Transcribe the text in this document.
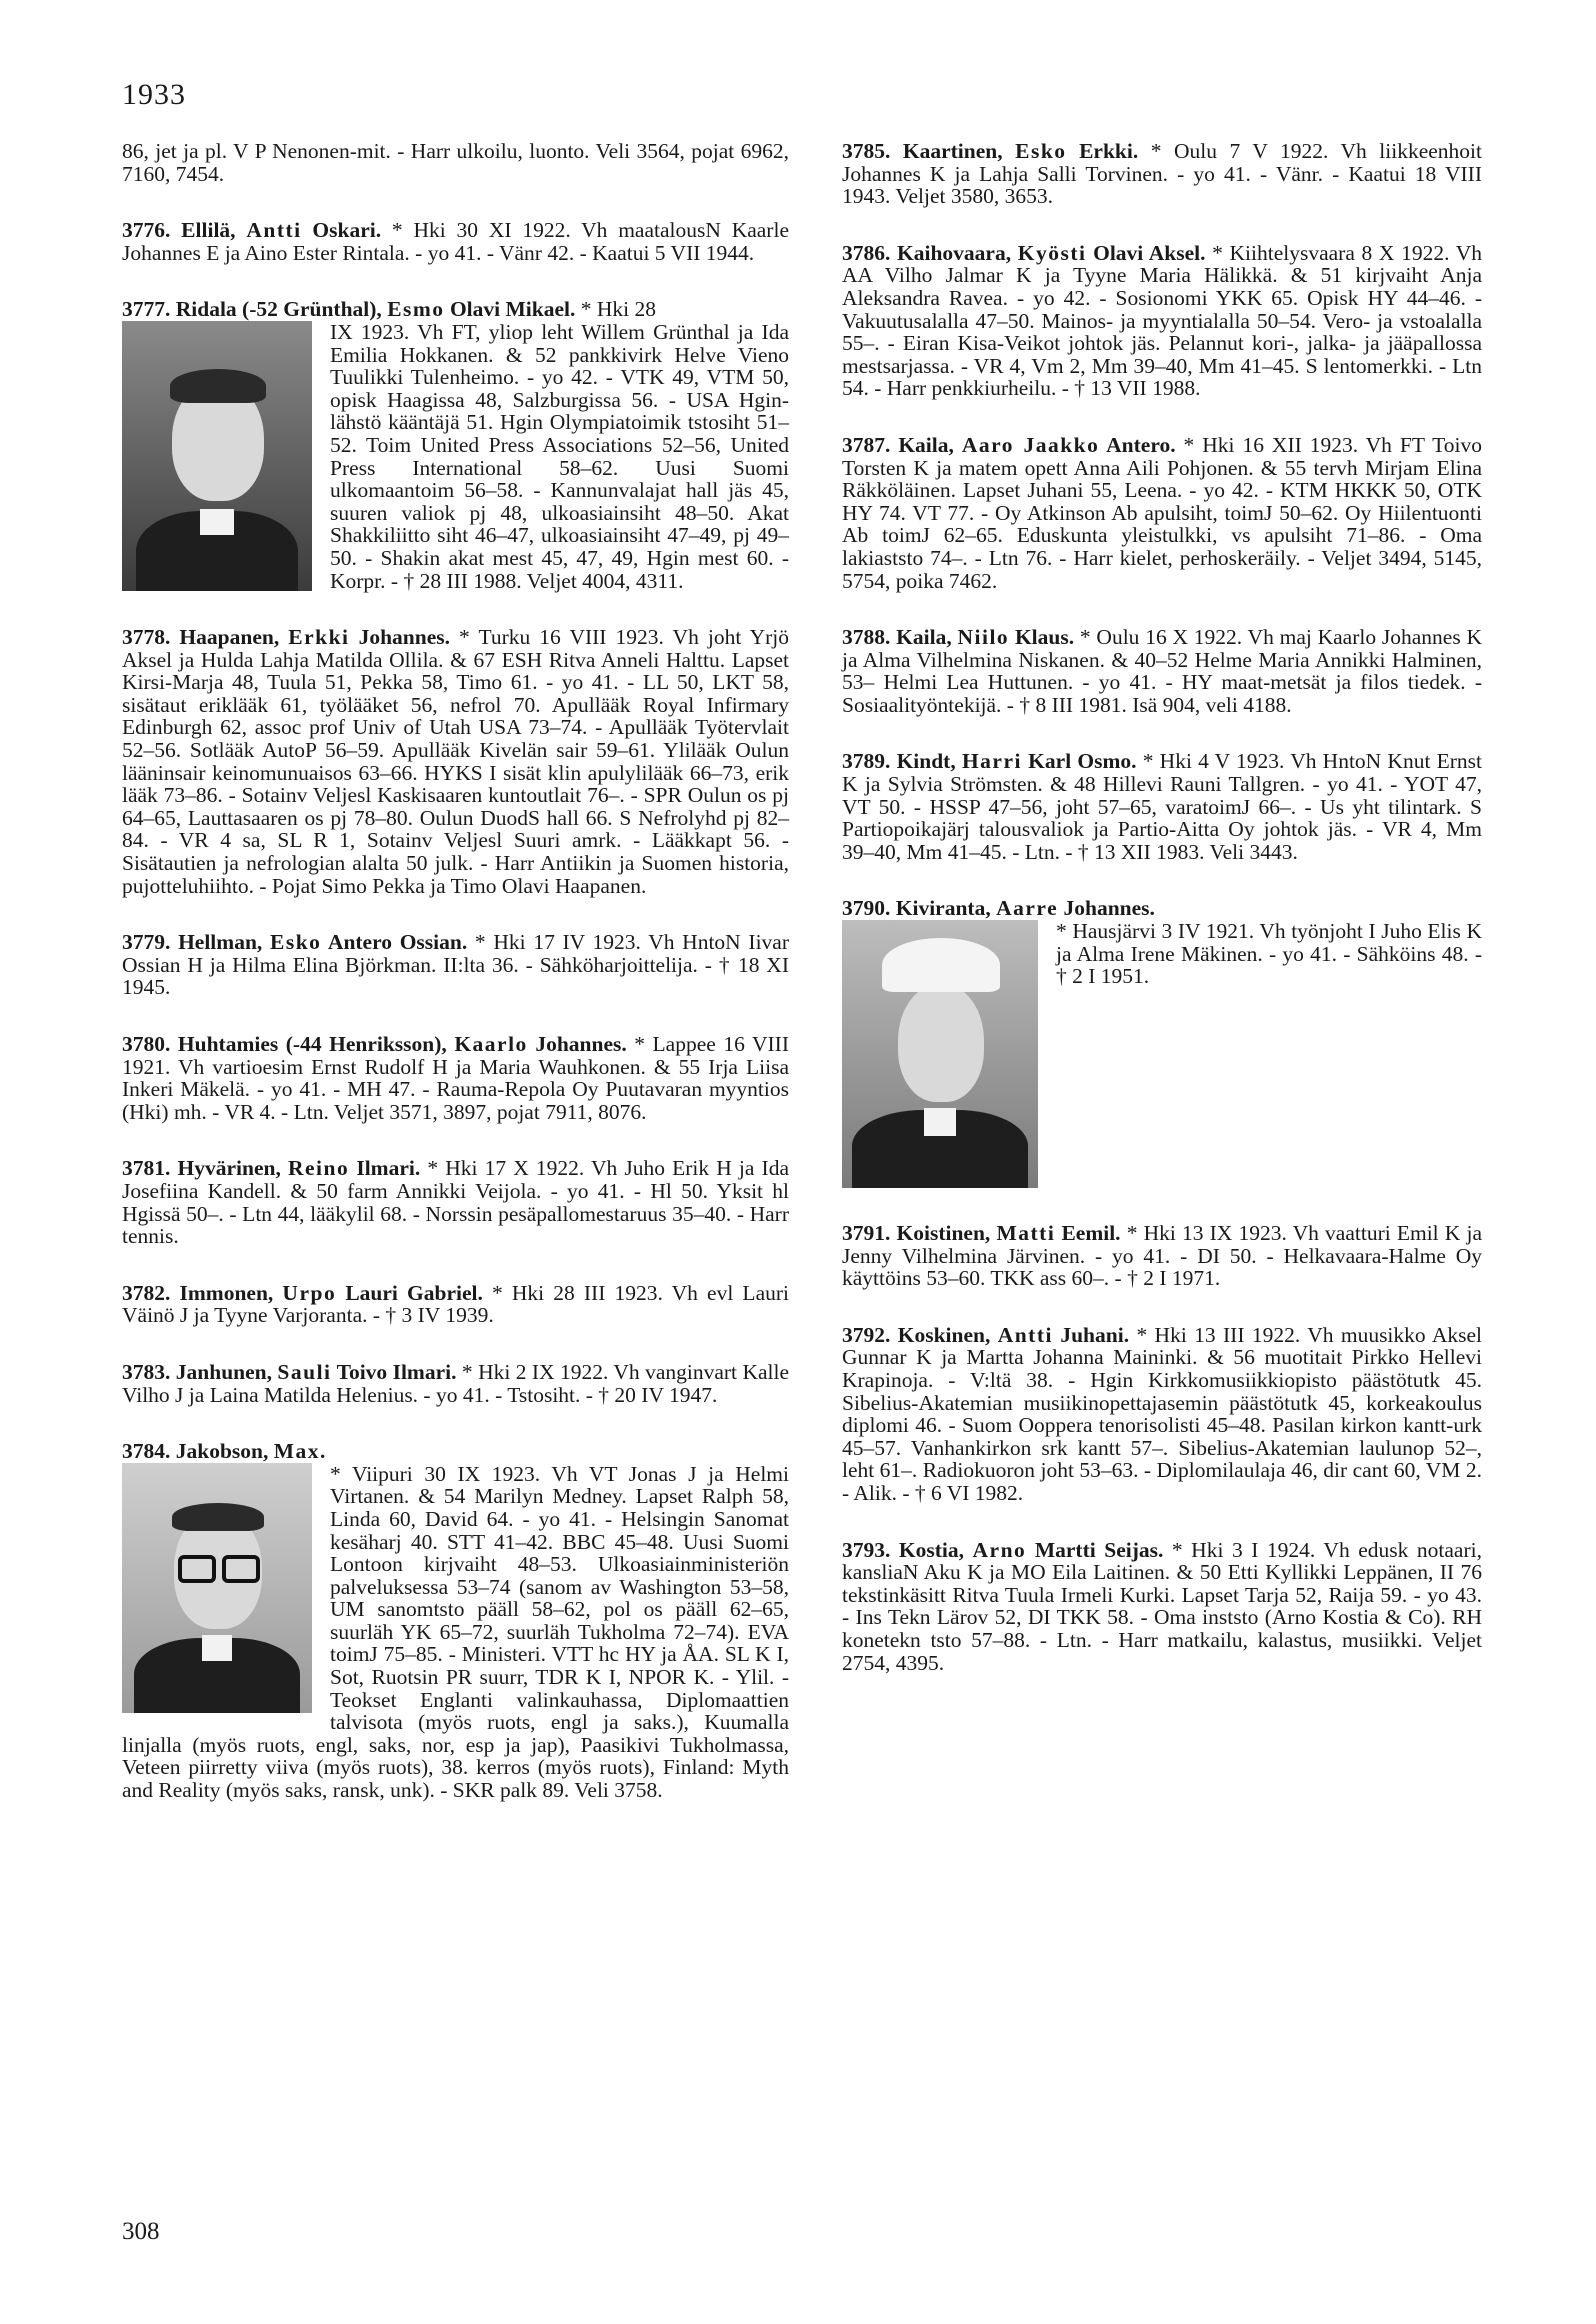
1933

86, jet ja pl. V P Nenonen-mit. - Harr ulkoilu, luonto. Veli 3564, pojat 6962, 7160, 7454.

3776. Ellilä, Antti Oskari. * Hki 30 XI 1922. Vh maatalousN Kaarle Johannes E ja Aino Ester Rintala. - yo 41. - Vänr 42. - Kaatui 5 VII 1944.

3777. Ridala (-52 Grünthal), Esmo Olavi Mikael. * Hki 28

IX 1923. Vh FT, yliop leht Willem Grünthal ja Ida Emilia Hokkanen. & 52 pankkivirk Helve Vieno Tuulikki Tulenheimo. - yo 42. - VTK 49, VTM 50, opisk Haagissa 48, Salzburgissa 56. - USA Hgin-lähstö kääntäjä 51. Hgin Olympiatoimik tstosiht 51–52. Toim United Press Associations 52–56, United Press International 58–62. Uusi Suomi ulkomaantoim 56–58. - Kannunvalajat hall jäs 45, suuren valiok pj 48, ulkoasiainsiht 48–50. Akat Shakkiliitto siht 46–47, ulkoasiainsiht 47–49, pj 49–50. - Shakin akat mest 45, 47, 49, Hgin mest 60. - Korpr. - † 28 III 1988. Veljet 4004, 4311.

3778. Haapanen, Erkki Johannes. * Turku 16 VIII 1923. Vh joht Yrjö Aksel ja Hulda Lahja Matilda Ollila. & 67 ESH Ritva Anneli Halttu. Lapset Kirsi-Marja 48, Tuula 51, Pekka 58, Timo 61. - yo 41. - LL 50, LKT 58, sisätaut eriklääk 61, työlääket 56, nefrol 70. Apullääk Royal Infirmary Edinburgh 62, assoc prof Univ of Utah USA 73–74. - Apullääk Työtervlait 52–56. Sotlääk AutoP 56–59. Apullääk Kivelän sair 59–61. Ylilääk Oulun lääninsair keinomunuaisos 63–66. HYKS I sisät klin apulylilääk 66–73, erik lääk 73–86. - Sotainv Veljesl Kaskisaaren kuntoutlait 76–. - SPR Oulun os pj 64–65, Lauttasaaren os pj 78–80. Oulun DuodS hall 66. S Nefrolyhd pj 82–84. - VR 4 sa, SL R 1, Sotainv Veljesl Suuri amrk. - Lääkkapt 56. - Sisätautien ja nefrologian alalta 50 julk. - Harr Antiikin ja Suomen historia, pujotteluhiihto. - Pojat Simo Pekka ja Timo Olavi Haapanen.

3779. Hellman, Esko Antero Ossian. * Hki 17 IV 1923. Vh HntoN Iivar Ossian H ja Hilma Elina Björkman. II:lta 36. - Sähköharjoittelija. - † 18 XI 1945.

3780. Huhtamies (-44 Henriksson), Kaarlo Johannes. * Lappee 16 VIII 1921. Vh vartioesim Ernst Rudolf H ja Maria Wauhkonen. & 55 Irja Liisa Inkeri Mäkelä. - yo 41. - MH 47. - Rauma-Repola Oy Puutavaran myyntios (Hki) mh. - VR 4. - Ltn. Veljet 3571, 3897, pojat 7911, 8076.

3781. Hyvärinen, Reino Ilmari. * Hki 17 X 1922. Vh Juho Erik H ja Ida Josefiina Kandell. & 50 farm Annikki Veijola. - yo 41. - Hl 50. Yksit hl Hgissä 50–. - Ltn 44, lääkylil 68. - Norssin pesäpallomestaruus 35–40. - Harr tennis.

3782. Immonen, Urpo Lauri Gabriel. * Hki 28 III 1923. Vh evl Lauri Väinö J ja Tyyne Varjoranta. - † 3 IV 1939.

3783. Janhunen, Sauli Toivo Ilmari. * Hki 2 IX 1922. Vh vanginvart Kalle Vilho J ja Laina Matilda Helenius. - yo 41. - Tstosiht. - † 20 IV 1947.

3784. Jakobson, Max.

* Viipuri 30 IX 1923. Vh VT Jonas J ja Helmi Virtanen. & 54 Marilyn Medney. Lapset Ralph 58, Linda 60, David 64. - yo 41. - Helsingin Sanomat kesäharj 40. STT 41–42. BBC 45–48. Uusi Suomi Lontoon kirjvaiht 48–53. Ulkoasiainministeriön palveluksessa 53–74 (sanom av Washington 53–58, UM sanomtsto pääll 58–62, pol os pääll 62–65, suurläh YK 65–72, suurläh Tukholma 72–74). EVA toimJ 75–85. - Ministeri. VTT hc HY ja ÅA. SL K I, Sot, Ruotsin PR suurr, TDR K I, NPOR K. - Ylil. - Teokset Englanti valinkauhassa, Diplomaattien talvisota (myös ruots, engl ja saks.), Kuumalla linjalla (myös ruots, engl, saks, nor, esp ja jap), Paasikivi Tukholmassa, Veteen piirretty viiva (myös ruots), 38. kerros (myös ruots), Finland: Myth and Reality (myös saks, ransk, unk). - SKR palk 89. Veli 3758.

3785. Kaartinen, Esko Erkki. * Oulu 7 V 1922. Vh liikkeenhoit Johannes K ja Lahja Salli Torvinen. - yo 41. - Vänr. - Kaatui 18 VIII 1943. Veljet 3580, 3653.

3786. Kaihovaara, Kyösti Olavi Aksel. * Kiihtelysvaara 8 X 1922. Vh AA Vilho Jalmar K ja Tyyne Maria Hälikkä. & 51 kirjvaiht Anja Aleksandra Ravea. - yo 42. - Sosionomi YKK 65. Opisk HY 44–46. - Vakuutusalalla 47–50. Mainos- ja myyntialalla 50–54. Vero- ja vstoalalla 55–. - Eiran Kisa-Veikot johtok jäs. Pelannut kori-, jalka- ja jääpallossa mestsarjassa. - VR 4, Vm 2, Mm 39–40, Mm 41–45. S lentomerkki. - Ltn 54. - Harr penkkiurheilu. - † 13 VII 1988.

3787. Kaila, Aaro Jaakko Antero. * Hki 16 XII 1923. Vh FT Toivo Torsten K ja matem opett Anna Aili Pohjonen. & 55 tervh Mirjam Elina Räkköläinen. Lapset Juhani 55, Leena. - yo 42. - KTM HKKK 50, OTK HY 74. VT 77. - Oy Atkinson Ab apulsiht, toimJ 50–62. Oy Hiilentuonti Ab toimJ 62–65. Eduskunta yleistulkki, vs apulsiht 71–86. - Oma lakiaststo 74–. - Ltn 76. - Harr kielet, perhoskeräily. - Veljet 3494, 5145, 5754, poika 7462.

3788. Kaila, Niilo Klaus. * Oulu 16 X 1922. Vh maj Kaarlo Johannes K ja Alma Vilhelmina Niskanen. & 40–52 Helme Maria Annikki Halminen, 53– Helmi Lea Huttunen. - yo 41. - HY maat-metsät ja filos tiedek. - Sosiaalityöntekijä. - † 8 III 1981. Isä 904, veli 4188.

3789. Kindt, Harri Karl Osmo. * Hki 4 V 1923. Vh HntoN Knut Ernst K ja Sylvia Strömsten. & 48 Hillevi Rauni Tallgren. - yo 41. - YOT 47, VT 50. - HSSP 47–56, joht 57–65, varatoimJ 66–. - Us yht tilintark. S Partiopoikajärj talousvaliok ja Partio-Aitta Oy johtok jäs. - VR 4, Mm 39–40, Mm 41–45. - Ltn. - † 13 XII 1983. Veli 3443.

3790. Kiviranta, Aarre Johannes.

* Hausjärvi 3 IV 1921. Vh työnjoht I Juho Elis K ja Alma Irene Mäkinen. - yo 41. - Sähköins 48. - † 2 I 1951.

3791. Koistinen, Matti Eemil. * Hki 13 IX 1923. Vh vaatturi Emil K ja Jenny Vilhelmina Järvinen. - yo 41. - DI 50. - Helkavaara-Halme Oy käyttöins 53–60. TKK ass 60–. - † 2 I 1971.

3792. Koskinen, Antti Juhani. * Hki 13 III 1922. Vh muusikko Aksel Gunnar K ja Martta Johanna Maininki. & 56 muotitait Pirkko Hellevi Krapinoja. - V:ltä 38. - Hgin Kirkkomusiikkiopisto päästötutk 45. Sibelius-Akatemian musiikinopettajasemin päästötutk 45, korkeakoulus diplomi 46. - Suom Ooppera tenorisolisti 45–48. Pasilan kirkon kantt-urk 45–57. Vanhankirkon srk kantt 57–. Sibelius-Akatemian laulunop 52–, leht 61–. Radiokuoron joht 53–63. - Diplomilaulaja 46, dir cant 60, VM 2. - Alik. - † 6 VI 1982.

3793. Kostia, Arno Martti Seijas. * Hki 3 I 1924. Vh edusk notaari, kansliaN Aku K ja MO Eila Laitinen. & 50 Etti Kyllikki Leppänen, II 76 tekstinkäsitt Ritva Tuula Irmeli Kurki. Lapset Tarja 52, Raija 59. - yo 43. - Ins Tekn Lärov 52, DI TKK 58. - Oma inststo (Arno Kostia & Co). RH konetekn tsto 57–88. - Ltn. - Harr matkailu, kalastus, musiikki. Veljet 2754, 4395.

308
